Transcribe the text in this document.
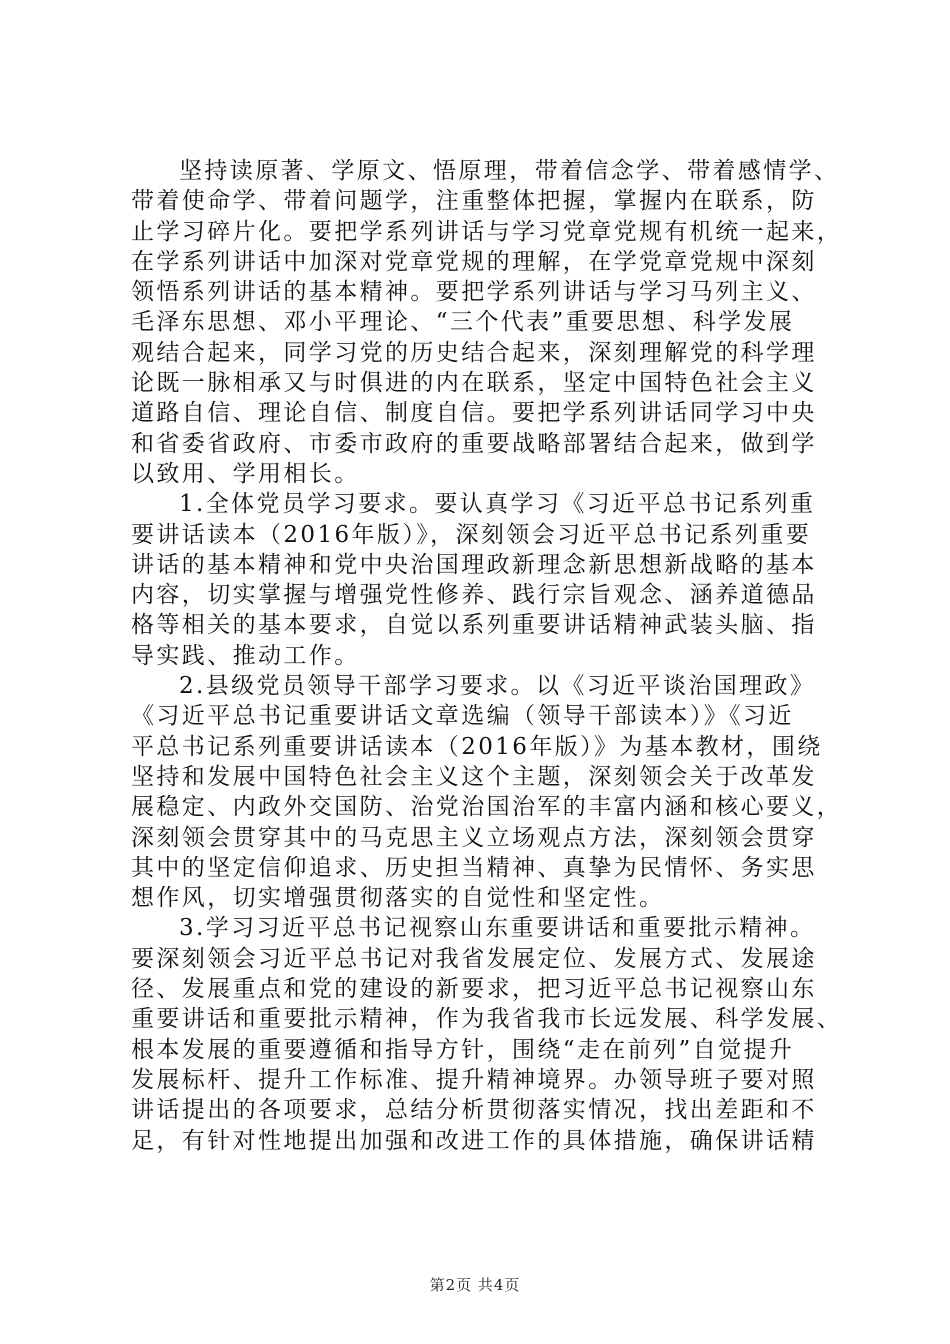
坚持读原著、学原文、悟原理，带着信念学、带着感情学、
带着使命学、带着问题学，注重整体把握，掌握内在联系，防
止学习碎片化。要把学系列讲话与学习党章党规有机统一起来，
在学系列讲话中加深对党章党规的理解，在学党章党规中深刻
领悟系列讲话的基本精神。要把学系列讲话与学习马列主义、
毛泽东思想、邓小平理论、“三个代表”重要思想、科学发展
观结合起来，同学习党的历史结合起来，深刻理解党的科学理
论既一脉相承又与时俱进的内在联系，坚定中国特色社会主义
道路自信、理论自信、制度自信。要把学系列讲话同学习中央
和省委省政府、市委市政府的重要战略部署结合起来，做到学
以致用、学用相长。
1.全体党员学习要求。要认真学习《习近平总书记系列重
要讲话读本（2016年版）》，深刻领会习近平总书记系列重要
讲话的基本精神和党中央治国理政新理念新思想新战略的基本
内容，切实掌握与增强党性修养、践行宗旨观念、涵养道德品
格等相关的基本要求，自觉以系列重要讲话精神武装头脑、指
导实践、推动工作。
2.县级党员领导干部学习要求。以《习近平谈治国理政》
《习近平总书记重要讲话文章选编（领导干部读本）》《习近
平总书记系列重要讲话读本（2016年版）》为基本教材，围绕
坚持和发展中国特色社会主义这个主题，深刻领会关于改革发
展稳定、内政外交国防、治党治国治军的丰富内涵和核心要义，
深刻领会贯穿其中的马克思主义立场观点方法，深刻领会贯穿
其中的坚定信仰追求、历史担当精神、真挚为民情怀、务实思
想作风，切实增强贯彻落实的自觉性和坚定性。
3.学习习近平总书记视察山东重要讲话和重要批示精神。
要深刻领会习近平总书记对我省发展定位、发展方式、发展途
径、发展重点和党的建设的新要求，把习近平总书记视察山东
重要讲话和重要批示精神，作为我省我市长远发展、科学发展、
根本发展的重要遵循和指导方针，围绕“走在前列”自觉提升
发展标杆、提升工作标准、提升精神境界。办领导班子要对照
讲话提出的各项要求，总结分析贯彻落实情况，找出差距和不
足，有针对性地提出加强和改进工作的具体措施，确保讲话精
第2页 共4页
